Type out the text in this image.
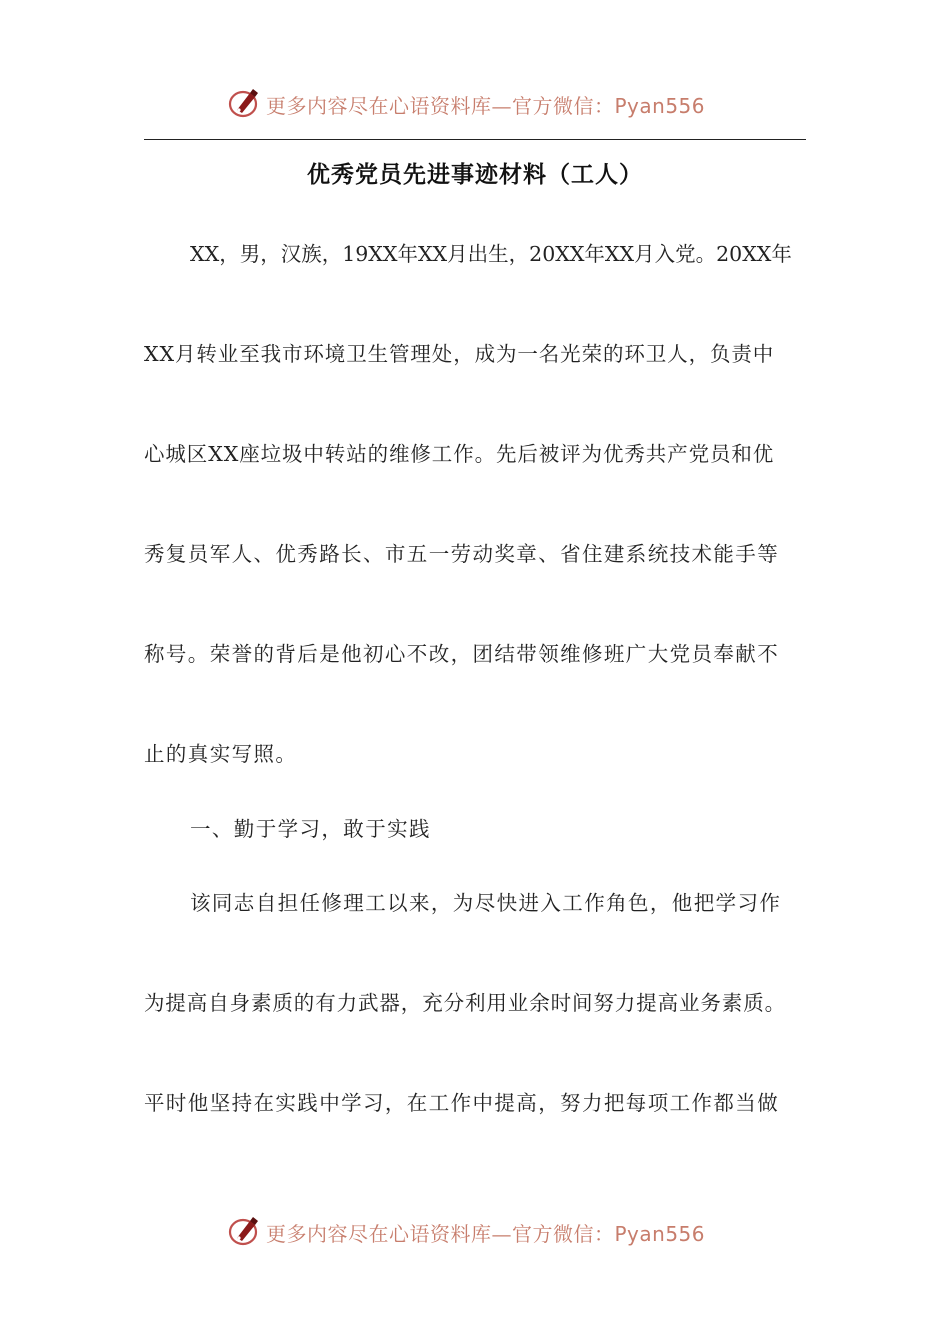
更多内容尽在心语资料库—官方微信：Pyan556
优秀党员先进事迹材料（工人）
XX，男，汉族，19XX年XX月出生，20XX年XX月入党。20XX年
XX月转业至我市环境卫生管理处，成为一名光荣的环卫人，负责中
心城区XX座垃圾中转站的维修工作。先后被评为优秀共产党员和优
秀复员军人、优秀路长、市五一劳动奖章、省住建系统技术能手等
称号。荣誉的背后是他初心不改，团结带领维修班广大党员奉献不
止的真实写照。
一、勤于学习，敢于实践
该同志自担任修理工以来，为尽快进入工作角色，他把学习作
为提高自身素质的有力武器，充分利用业余时间努力提高业务素质。
平时他坚持在实践中学习，在工作中提高，努力把每项工作都当做
更多内容尽在心语资料库—官方微信：Pyan556
